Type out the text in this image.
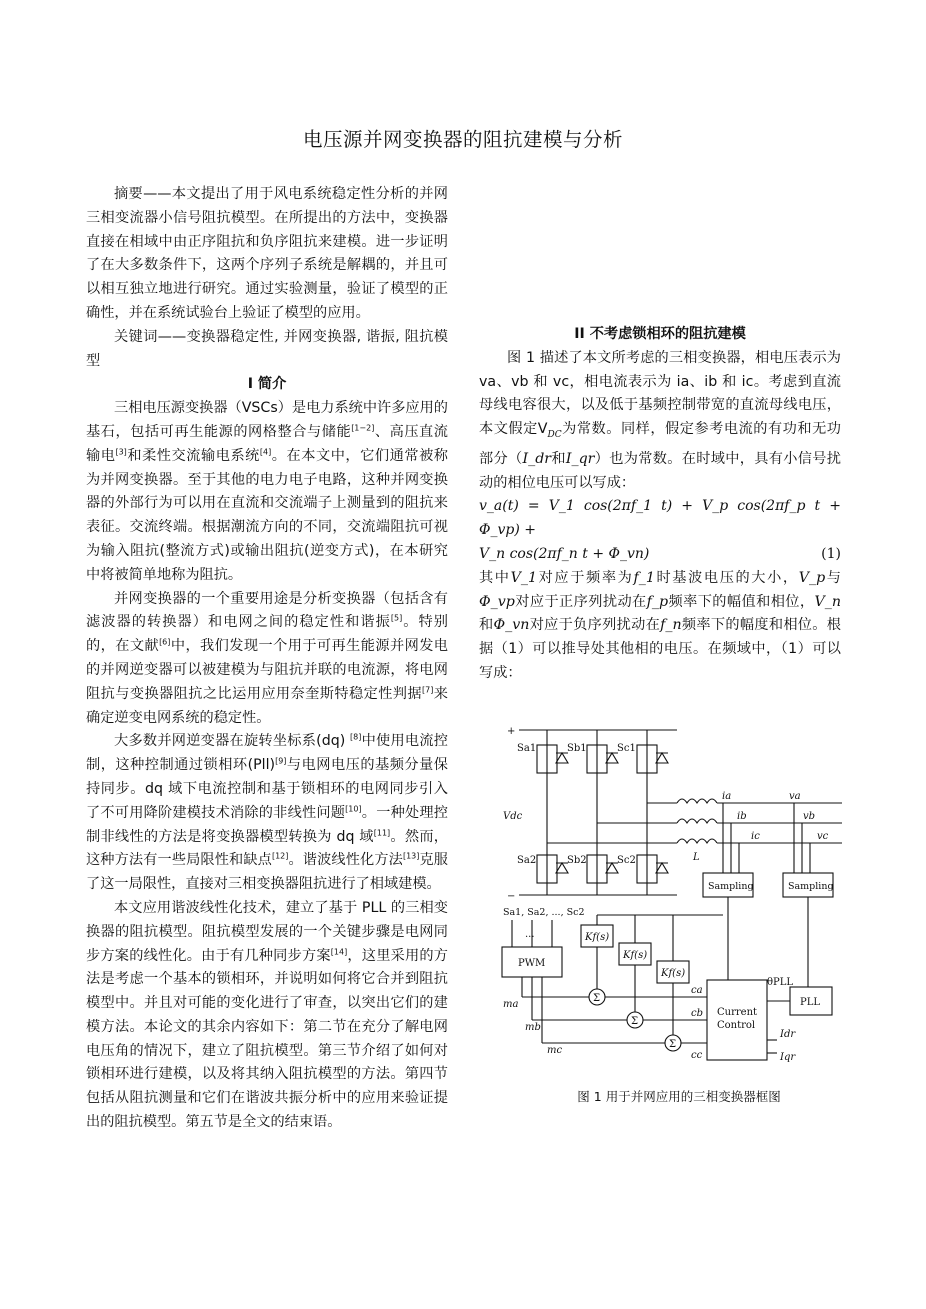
电压源并网变换器的阻抗建模与分析

摘要——本文提出了用于风电系统稳定性分析的并网三相变流器小信号阻抗模型。在所提出的方法中，变换器直接在相域中由正序阻抗和负序阻抗来建模。进一步证明了在大多数条件下，这两个序列子系统是解耦的，并且可以相互独立地进行研究。通过实验测量，验证了模型的正确性，并在系统试验台上验证了模型的应用。

关键词——变换器稳定性, 并网变换器, 谐振, 阻抗模型

I 简介

三相电压源变换器（VSCs）是电力系统中许多应用的基石，包括可再生能源的网格整合与储能[1−2]、高压直流输电[3]和柔性交流输电系统[4]。在本文中，它们通常被称为并网变换器。至于其他的电力电子电路，这种并网变换器的外部行为可以用在直流和交流端子上测量到的阻抗来表征。交流终端。根据潮流方向的不同，交流端阻抗可视为输入阻抗(整流方式)或输出阻抗(逆变方式)，在本研究中将被简单地称为阻抗。

并网变换器的一个重要用途是分析变换器（包括含有滤波器的转换器）和电网之间的稳定性和谐振[5]。特别的，在文献[6]中，我们发现一个用于可再生能源并网发电的并网逆变器可以被建模为与阻抗并联的电流源，将电网阻抗与变换器阻抗之比运用应用奈奎斯特稳定性判据[7]来确定逆变电网系统的稳定性。

大多数并网逆变器在旋转坐标系(dq) [8]中使用电流控制，这种控制通过锁相环(Pll)[9]与电网电压的基频分量保持同步。dq 域下电流控制和基于锁相环的电网同步引入了不可用降阶建模技术消除的非线性问题[10]。一种处理控制非线性的方法是将变换器模型转换为 dq 域[11]。然而，这种方法有一些局限性和缺点[12]。谐波线性化方法[13]克服了这一局限性，直接对三相变换器阻抗进行了相域建模。

本文应用谐波线性化技术，建立了基于 PLL 的三相变换器的阻抗模型。阻抗模型发展的一个关键步骤是电网同步方案的线性化。由于有几种同步方案[14]，这里采用的方法是考虑一个基本的锁相环，并说明如何将它合并到阻抗模型中。并且对可能的变化进行了审查，以突出它们的建模方法。本论文的其余内容如下：第二节在充分了解电网电压角的情况下，建立了阻抗模型。第三节介绍了如何对锁相环进行建模，以及将其纳入阻抗模型的方法。第四节包括从阻抗测量和它们在谐波共振分析中的应用来验证提出的阻抗模型。第五节是全文的结束语。

II 不考虑锁相环的阻抗建模

图 1 描述了本文所考虑的三相变换器，相电压表示为 va、vb 和 vc，相电流表示为 ia、ib 和 ic。考虑到直流母线电容很大，以及低于基频控制带宽的直流母线电压，本文假定$V_{DC}$为常数。同样，假定参考电流的有功和无功部分（I_dr和I_qr）也为常数。在时域中，具有小信号扰动的相位电压可以写成：

v_a(t) = V_1 cos(2πf_1 t) + V_p cos(2πf_p t + Φ_vp) +
V_n cos(2πf_n t + Φ_vn)	(1)

其中V_1对应于频率为f_1时基波电压的大小，V_p与Φ_vp对应于正序列扰动在f_p频率下的幅值和相位，V_n和Φ_vn对应于负序列扰动在f_n频率下的幅度和相位。根据（1）可以推导处其他相的电压。在频域中，（1）可以写成：

+
−
Sa1	Sb1	Sc1
Sa2	Sb2	Sc2
Vdc
ia
ib
ic
va
vb
vc
L
Sampling	Sampling
Sa1, Sa2, ..., Sc2
...
PWM
Kf(s)
Kf(s)
Kf(s)
Σ
Σ
Σ
θPLL
PLL
Current
Control
ma
mb
mc
ca
cb
cc
Idr
Iqr
图 1 用于并网应用的三相变换器框图
